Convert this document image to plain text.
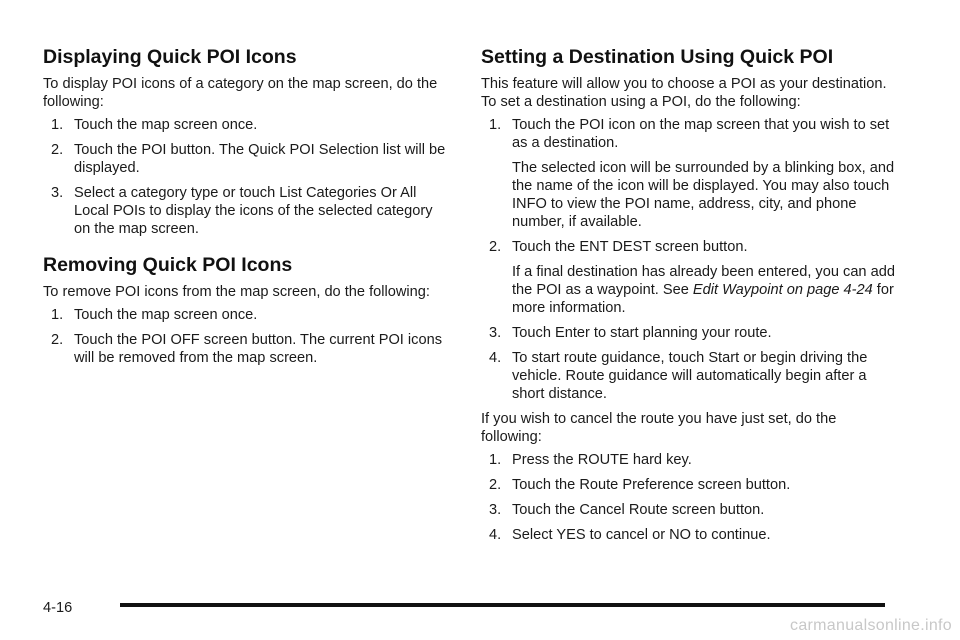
Displaying Quick POI Icons

To display POI icons of a category on the map screen, do the following:

1. Touch the map screen once.
2. Touch the POI button. The Quick POI Selection list will be displayed.
3. Select a category type or touch List Categories Or All Local POIs to display the icons of the selected category on the map screen.
Removing Quick POI Icons

To remove POI icons from the map screen, do the following:

1. Touch the map screen once.
2. Touch the POI OFF screen button. The current POI icons will be removed from the map screen.
Setting a Destination Using Quick POI

This feature will allow you to choose a POI as your destination. To set a destination using a POI, do the following:

1. Touch the POI icon on the map screen that you wish to set as a destination.
The selected icon will be surrounded by a blinking box, and the name of the icon will be displayed. You may also touch INFO to view the POI name, address, city, and phone number, if available.
2. Touch the ENT DEST screen button.
If a final destination has already been entered, you can add the POI as a waypoint. See Edit Waypoint on page 4-24 for more information.
3. Touch Enter to start planning your route.
4. To start route guidance, touch Start or begin driving the vehicle. Route guidance will automatically begin after a short distance.

If you wish to cancel the route you have just set, do the following:

1. Press the ROUTE hard key.
2. Touch the Route Preference screen button.
3. Touch the Cancel Route screen button.
4. Select YES to cancel or NO to continue.
4-16
carmanualsonline.info
